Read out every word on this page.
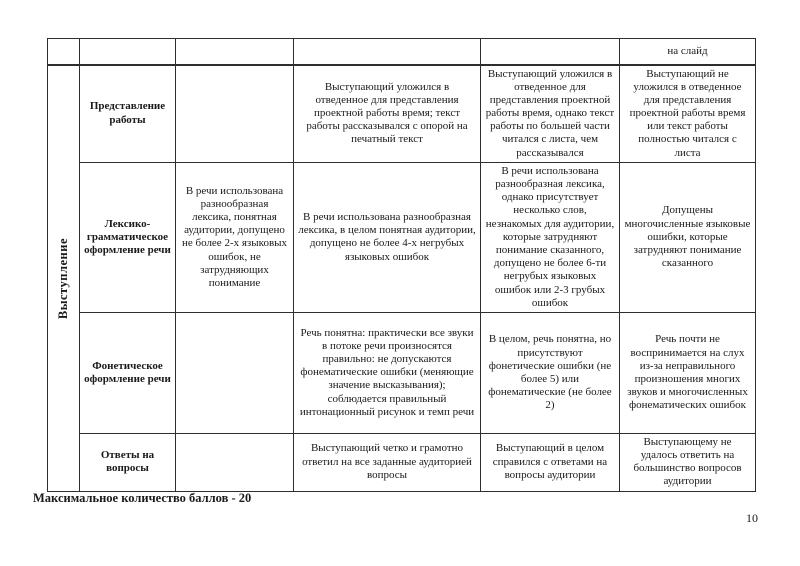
					на слайд

Выступление	Представление работы		Выступающий уложился в отведенное для представления проектной работы время; текст работы рассказывался с опорой на печатный текст	Выступающий уложился в отведенное для представления проектной работы время, однако текст работы по большей части читался с листа, чем рассказывался	Выступающий не уложился в отведенное для представления проектной работы время или текст работы полностью читался с листа
	Лексико-грамматическое оформление речи	В речи использована разнообразная лексика, понятная аудитории, допущено не более 2-х языковых ошибок, не затрудняющих понимание	В речи использована разнообразная лексика, в целом понятная аудитории, допущено не более 4-х негрубых языковых ошибок	В речи использована разнообразная лексика, однако присутствует несколько слов, незнакомых для аудитории, которые затрудняют понимание сказанного, допущено не более 6-ти негрубых языковых ошибок или 2-3 грубых ошибок	Допущены многочисленные языковые ошибки, которые затрудняют понимание сказанного
	Фонетическое оформление речи		Речь понятна: практически все звуки в потоке речи произносятся правильно: не допускаются фонематические ошибки (меняющие значение высказывания); соблюдается правильный интонационный рисунок и темп речи	В целом, речь понятна, но присутствуют фонетические ошибки (не более 5) или фонематические (не более 2)	Речь почти не воспринимается на слух из-за неправильного произношения многих звуков и многочисленных фонематических ошибок
	Ответы на вопросы		Выступающий четко и грамотно ответил на все заданные аудиторией вопросы	Выступающий в целом справился с ответами на вопросы аудитории	Выступающему не удалось ответить на большинство вопросов аудитории
Максимальное количество баллов - 20
10
